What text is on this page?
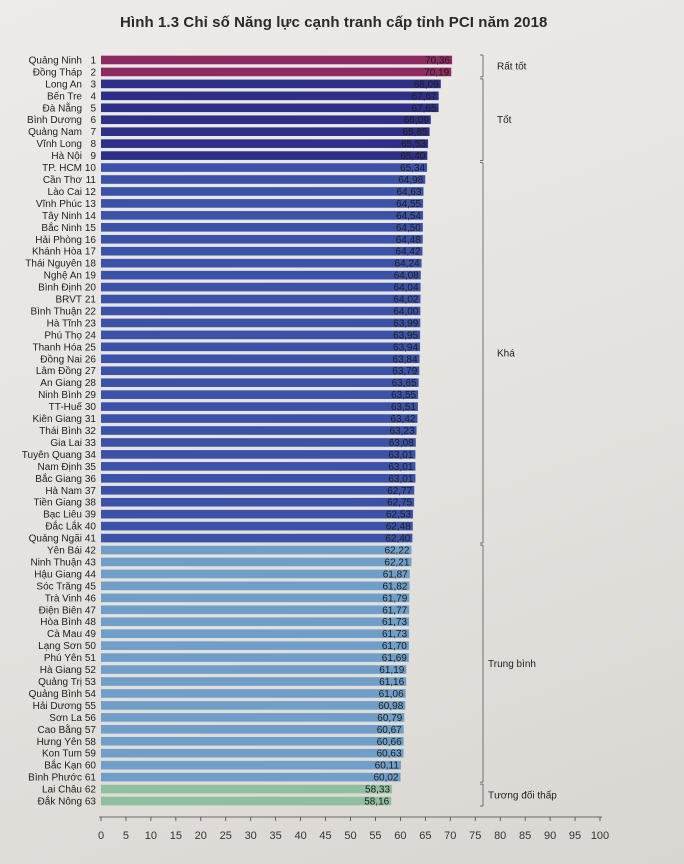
Hình 1.3 Chỉ số Năng lực cạnh tranh cấp tỉnh PCI năm 2018
Quảng Ninh 1	70,36
Đồng Tháp 2	70,19
Long An 3	68,09
Bến Tre 4	67,67
Đà Nẵng 5	67,65
Bình Dương 6	66,09
Quảng Nam 7	65,85
Vĩnh Long 8	65,53
Hà Nội 9	65,40
TP. HCM 10	65,34
Cần Thơ 11	64,98
Lào Cai 12	64,63
Vĩnh Phúc 13	64,55
Tây Ninh 14	64,54
Bắc Ninh 15	64,50
Hải Phòng 16	64,48
Khánh Hòa 17	64,42
Thái Nguyên 18	64,24
Nghệ An 19	64,08
Bình Định 20	64,04
BRVT 21	64,02
Bình Thuận 22	64,00
Hà Tĩnh 23	63,99
Phú Thọ 24	63,95
Thanh Hóa 25	63,94
Đồng Nai 26	63,84
Lâm Đồng 27	63,79
An Giang 28	63,65
Ninh Bình 29	63,55
TT-Huế 30	63,51
Kiên Giang 31	63,42
Thái Bình 32	63,23
Gia Lai 33	63,08
Tuyên Quang 34	63,01
Nam Định 35	63,01
Bắc Giang 36	63,01
Hà Nam 37	62,77
Tiền Giang 38	62,75
Bạc Liêu 39	62,53
Đắc Lắk 40	62,48
Quảng Ngãi 41	62,40
Yên Bái 42	62,22
Ninh Thuận 43	62,21
Hậu Giang 44	61,87
Sóc Trăng 45	61,82
Trà Vinh 46	61,79
Điện Biên 47	61,77
Hòa Bình 48	61,73
Cà Mau 49	61,73
Lạng Sơn 50	61,70
Phú Yên 51	61,69
Hà Giang 52	61,19
Quảng Trị 53	61,16
Quảng Bình 54	61,06
Hải Dương 55	60,98
Sơn La 56	60,79
Cao Bằng 57	60,67
Hưng Yên 58	60,66
Kon Tum 59	60,63
Bắc Kạn 60	60,11
Bình Phước 61	60,02
Lai Châu 62	58,33
Đắk Nông 63	58,16
Rất tốt
Tốt
Khá
Trung bình
Tương đối thấp
0 5 10 15 20 25 30 35 40 45 50 55 60 65 70 75 80 85 90 95 100
